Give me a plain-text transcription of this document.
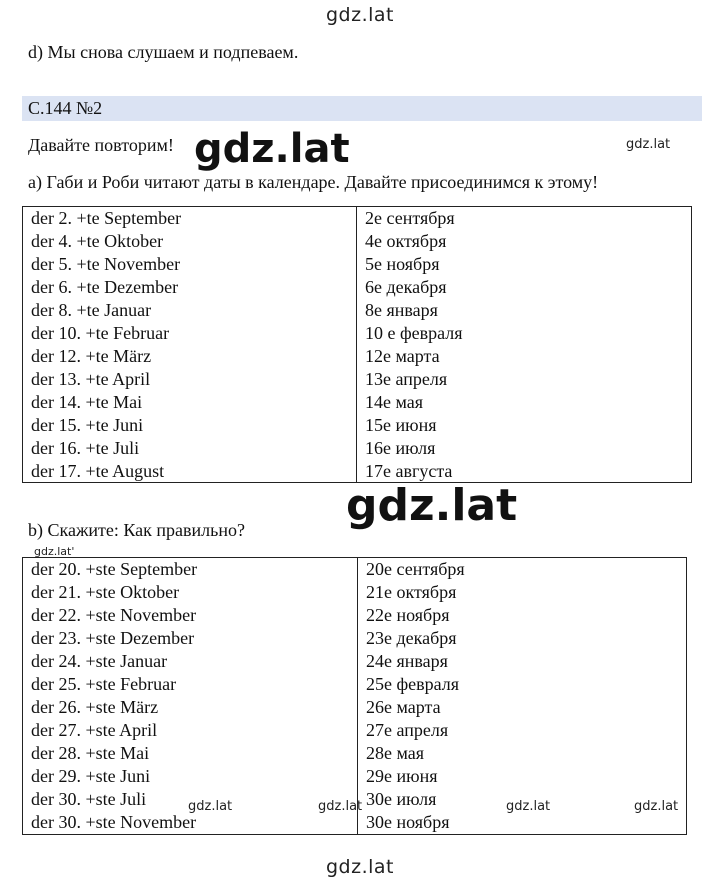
gdz.lat
d) Мы снова слушаем и подпеваем.
С.144 №2
Давайте повторим! gdz.lat	gdz.lat
a) Габи и Роби читают даты в календаре. Давайте присоединимся к этому!
der 2. +te September	2е сентября
der 4. +te Oktober	4е октября
der 5. +te November	5е ноября
der 6. +te Dezember	6е декабря
der 8. +te Januar	8е января
der 10. +te Februar	10 е февраля
der 12. +te März	12е марта
der 13. +te April	13е апреля
der 14. +te Mai	14е мая
der 15. +te Juni	15е июня
der 16. +te Juli	16е июля
der 17. +te August	17е августа
gdz.lat
b) Скажите: Как правильно?
gdz.lat'
der 20. +ste September	20е сентября
der 21. +ste Oktober	21е октября
der 22. +ste November	22е ноября
der 23. +ste Dezember	23е декабря
der 24. +ste Januar	24е января
der 25. +ste Februar	25е февраля
der 26. +ste März	26е марта
der 27. +ste April	27е апреля
der 28. +ste Mai	28е мая
der 29. +ste Juni	29е июня
der 30. +ste Juli	30е июля
der 30. +ste November	30е ноября
gdz.lat	gdz.lat	gdz.lat	gdz.lat
gdz.lat
